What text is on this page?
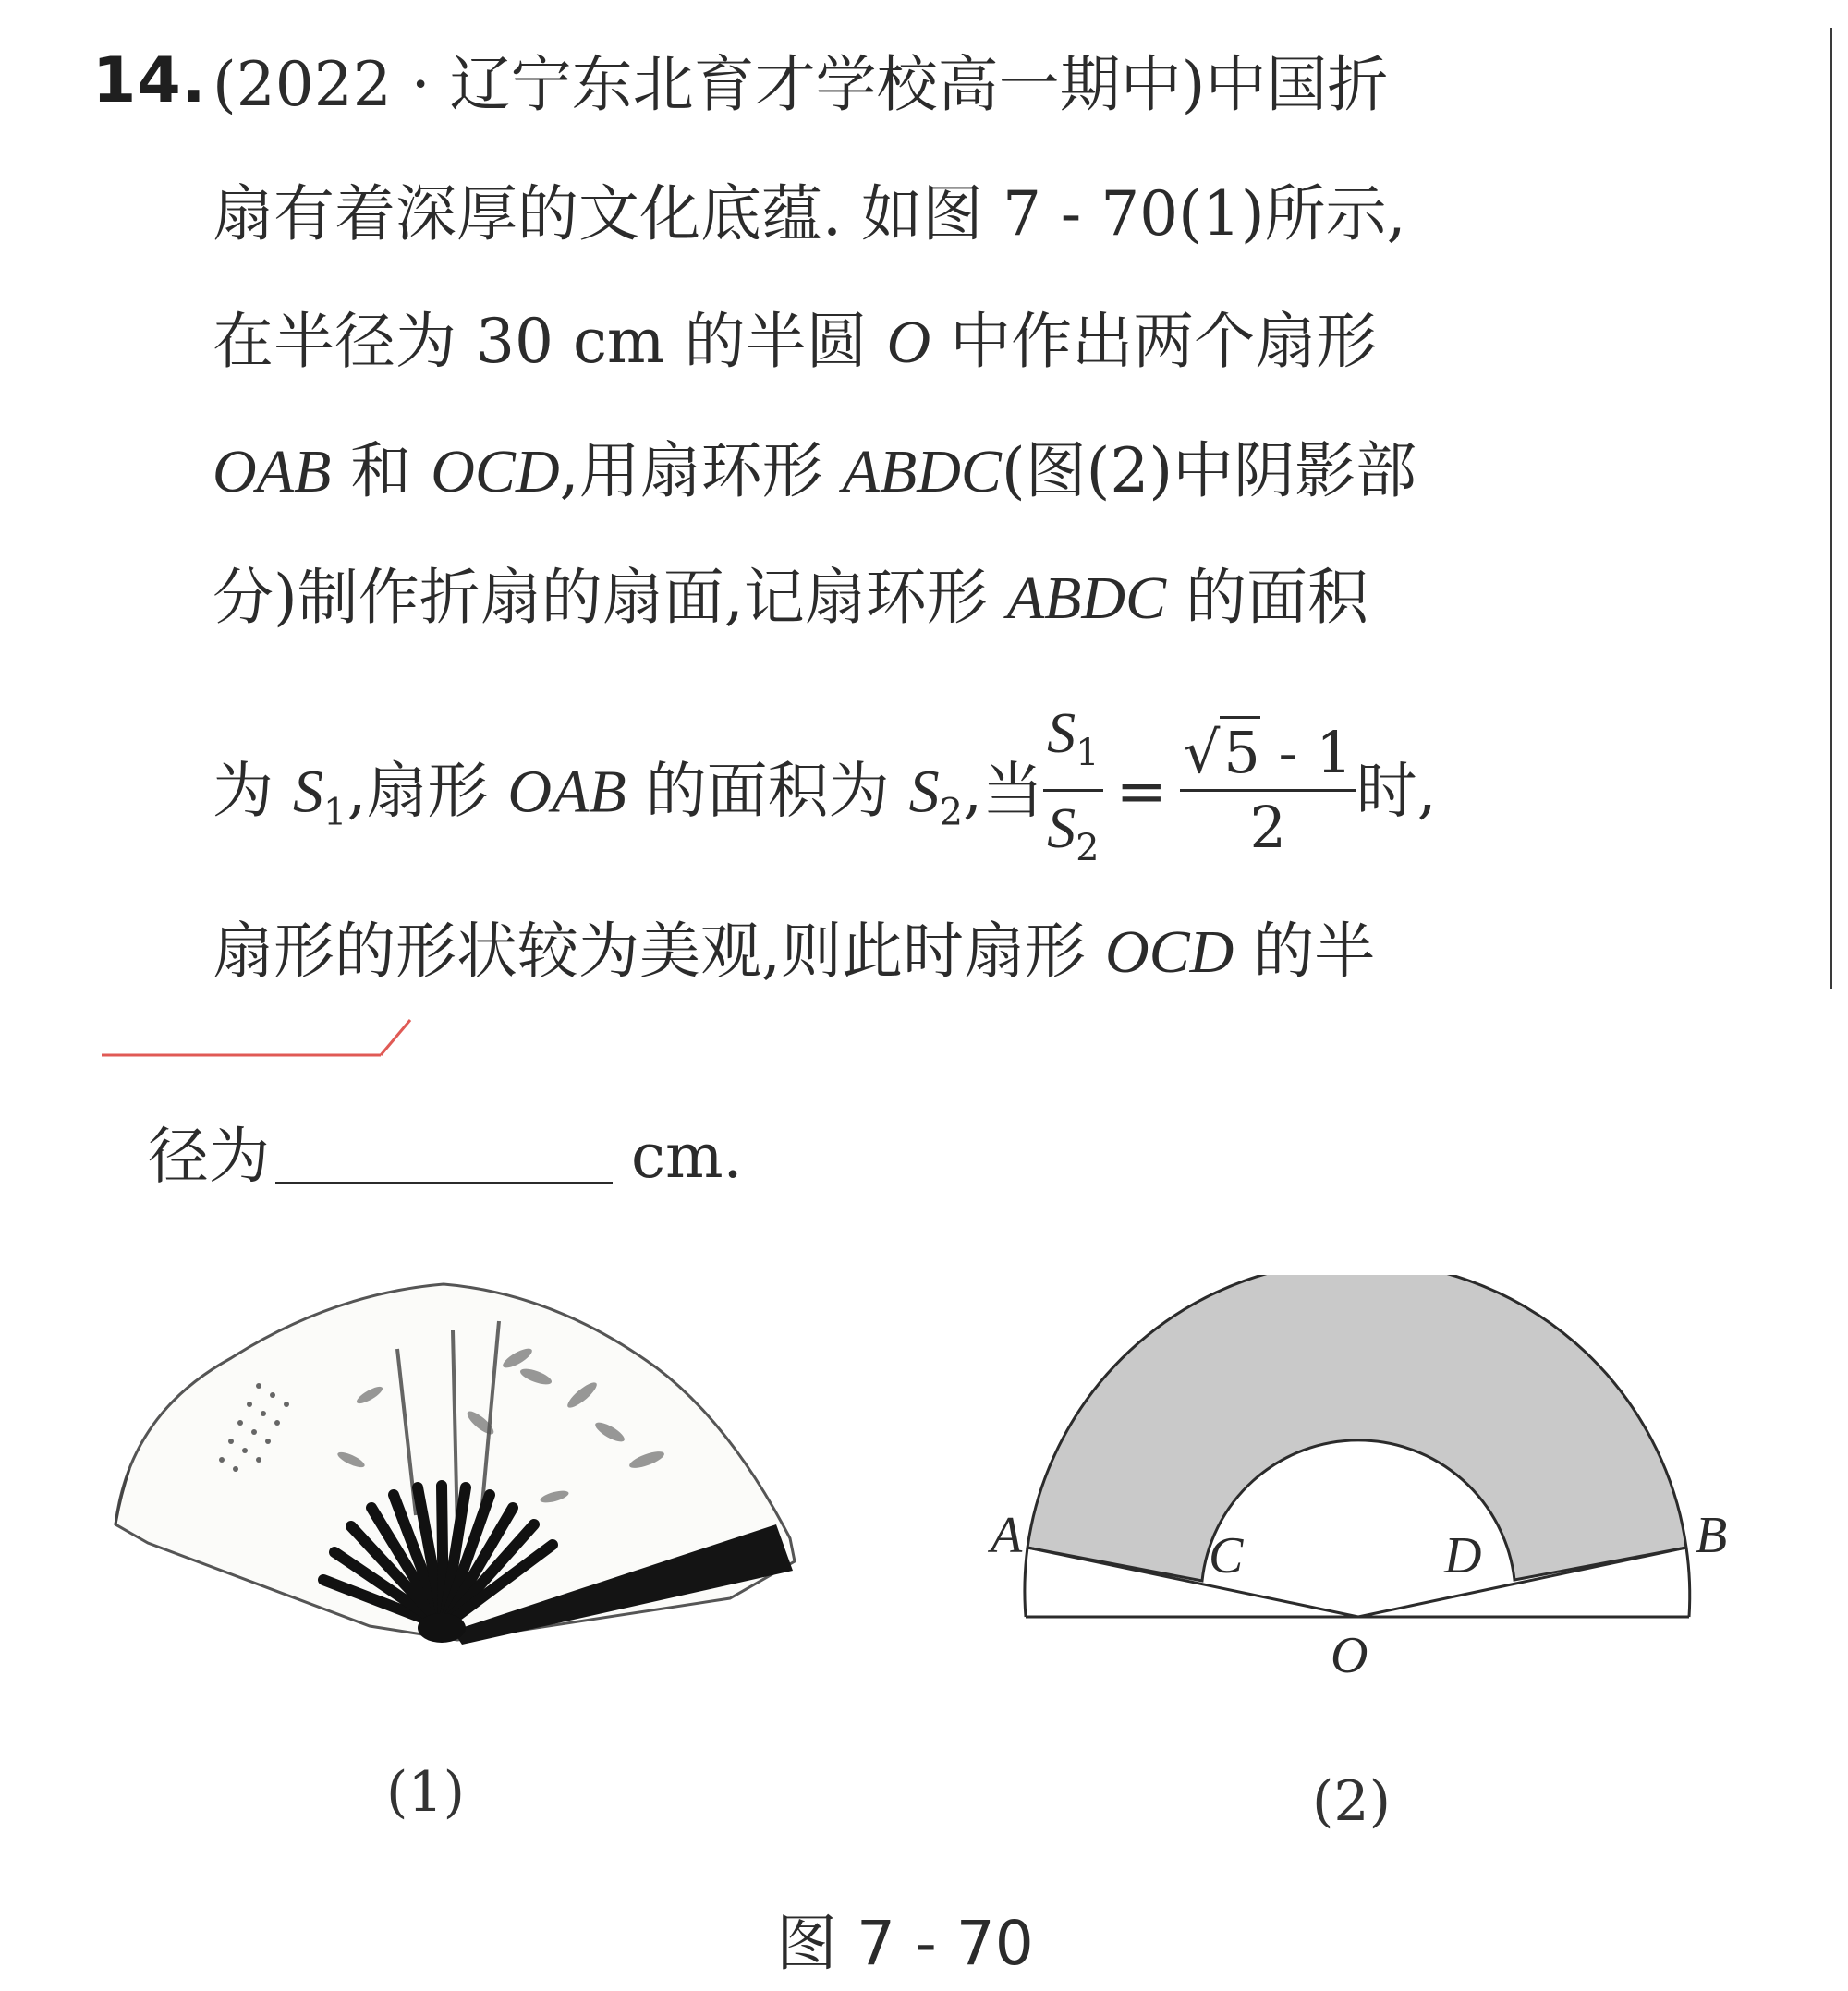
14. (2022 · 辽宁东北育才学校高一期中)中国折
扇有着深厚的文化底蕴. 如图 7 - 70(1)所示,
在半径为 30 cm 的半圆 O 中作出两个扇形
OAB 和 OCD,用扇环形 ABDC(图(2)中阴影部
分)制作折扇的扇面,记扇环形 ABDC 的面积
为 $S_1$,扇形 OAB 的面积为 $S_2$,当 $\frac{S_1}{S_2} = \frac{√5 - 1}{2}$ 时,
扇形的形状较为美观,则此时扇形 OCD 的半
径为	cm.
A	B
C	D
O
(1)	(2)
图 7 - 70
